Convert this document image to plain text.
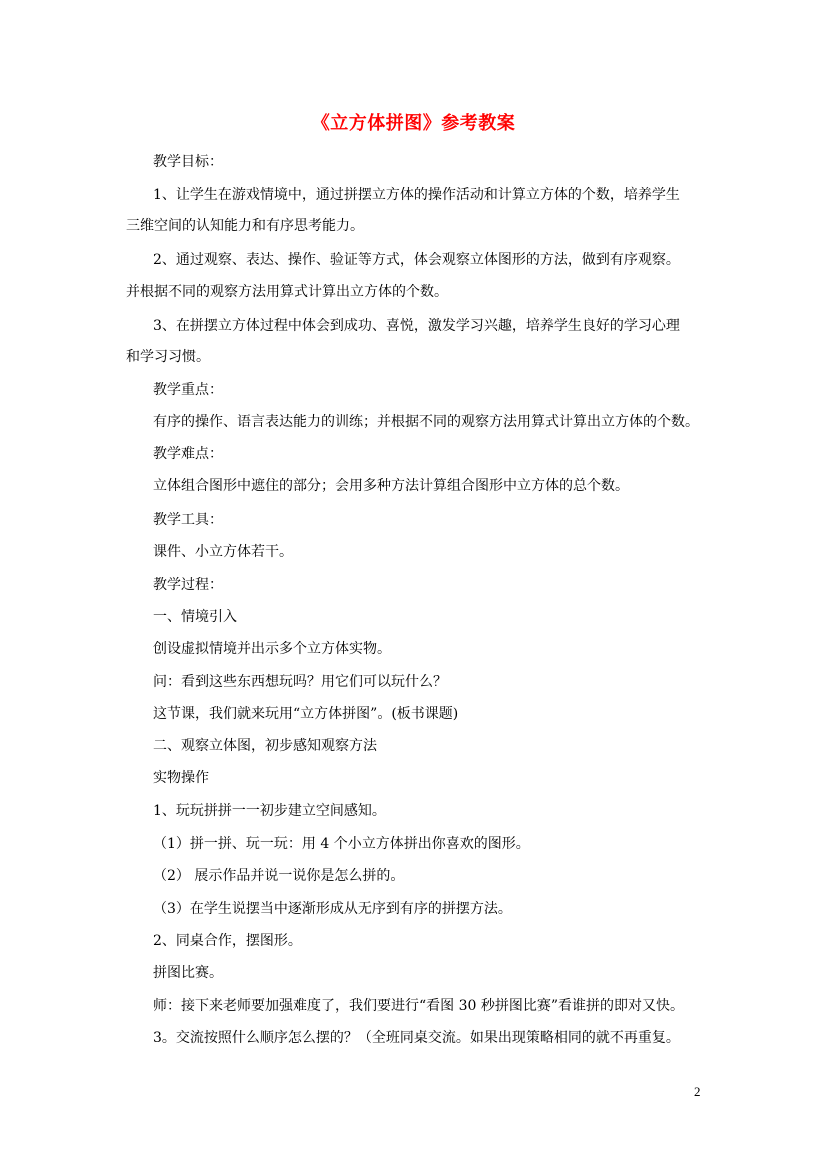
《立方体拼图》参考教案
教学目标：
1、让学生在游戏情境中，通过拼摆立方体的操作活动和计算立方体的个数，培养学生
三维空间的认知能力和有序思考能力。
2、通过观察、表达、操作、验证等方式，体会观察立体图形的方法，做到有序观察。
并根据不同的观察方法用算式计算出立方体的个数。
3、在拼摆立方体过程中体会到成功、喜悦，激发学习兴趣，培养学生良好的学习心理
和学习习惯。
教学重点：
有序的操作、语言表达能力的训练；并根据不同的观察方法用算式计算出立方体的个数。
教学难点：
立体组合图形中遮住的部分；会用多种方法计算组合图形中立方体的总个数。
教学工具：
课件、小立方体若干。
教学过程：
一、情境引入
创设虚拟情境并出示多个立方体实物。
问：看到这些东西想玩吗？用它们可以玩什么？
这节课，我们就来玩用“立方体拼图”。(板书课题)
二、观察立体图，初步感知观察方法
实物操作
1、玩玩拼拼一一初步建立空间感知。
（1）拼一拼、玩一玩：用 4 个小立方体拼出你喜欢的图形。
（2） 展示作品并说一说你是怎么拼的。
（3）在学生说摆当中逐渐形成从无序到有序的拼摆方法。
2、同桌合作，摆图形。
拼图比赛。
师：接下来老师要加强难度了，我们要进行“看图 30 秒拼图比赛”看谁拼的即对又快。
3。交流按照什么顺序怎么摆的？（全班同桌交流。如果出现策略相同的就不再重复。
2
